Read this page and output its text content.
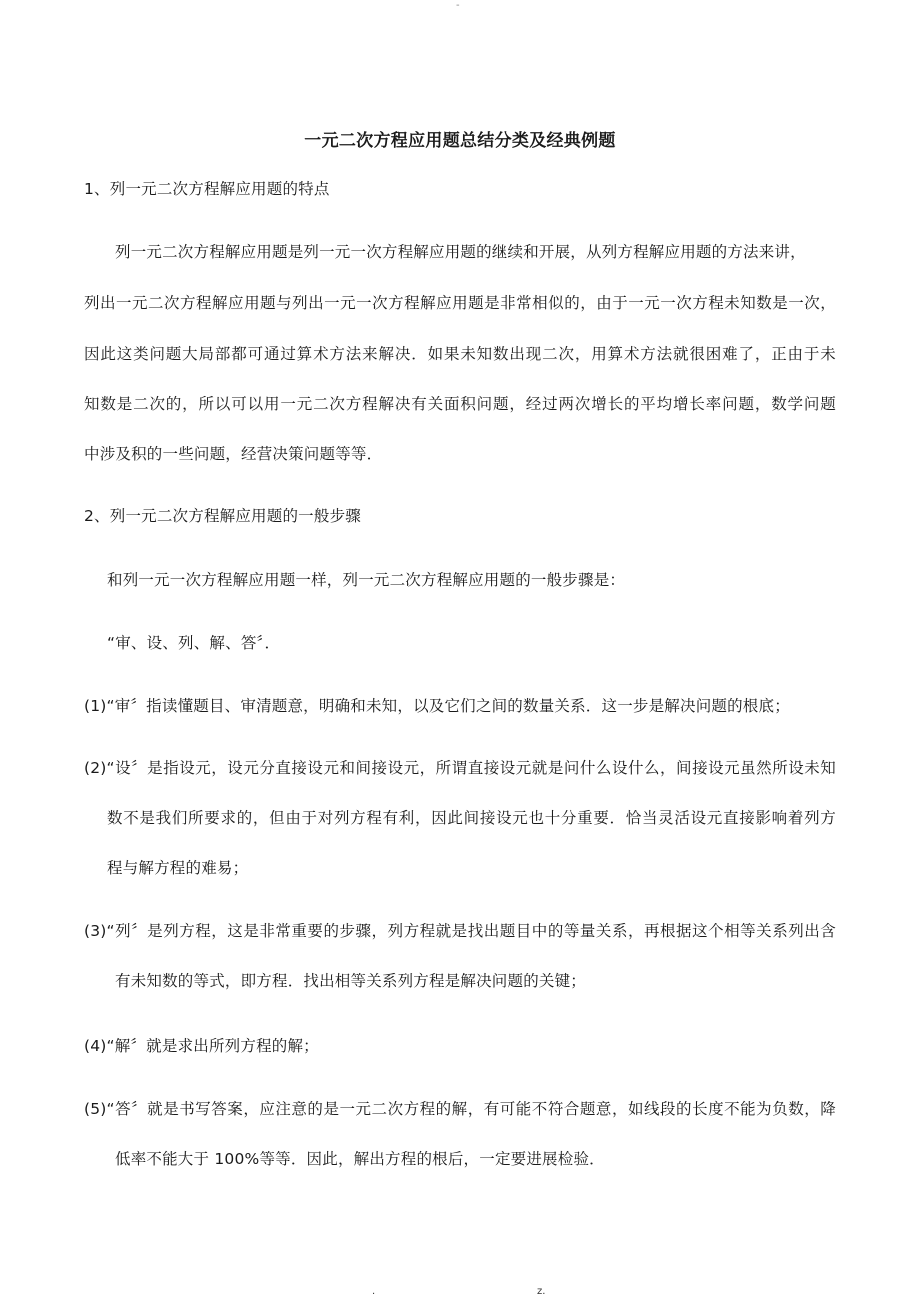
-
一元二次方程应用题总结分类及经典例题
1、列一元二次方程解应用题的特点
列一元二次方程解应用题是列一元一次方程解应用题的继续和开展，从列方程解应用题的方法来讲，
列出一元二次方程解应用题与列出一元一次方程解应用题是非常相似的，由于一元一次方程未知数是一次，
因此这类问题大局部都可通过算术方法来解决．如果未知数出现二次，用算术方法就很困难了，正由于未
知数是二次的，所以可以用一元二次方程解决有关面积问题，经过两次增长的平均增长率问题，数学问题
中涉及积的一些问题，经营决策问题等等．
2、列一元二次方程解应用题的一般步骤
和列一元一次方程解应用题一样，列一元二次方程解应用题的一般步骤是：
“审、设、列、解、答〞．
(1)“审〞指读懂题目、审清题意，明确和未知，以及它们之间的数量关系．这一步是解决问题的根底；
(2)“设〞是指设元，设元分直接设元和间接设元，所谓直接设元就是问什么设什么，间接设元虽然所设未知
数不是我们所要求的，但由于对列方程有利，因此间接设元也十分重要．恰当灵活设元直接影响着列方
程与解方程的难易；
(3)“列〞是列方程，这是非常重要的步骤，列方程就是找出题目中的等量关系，再根据这个相等关系列出含
有未知数的等式，即方程．找出相等关系列方程是解决问题的关键；
(4)“解〞就是求出所列方程的解；
(5)“答〞就是书写答案，应注意的是一元二次方程的解，有可能不符合题意，如线段的长度不能为负数，降
低率不能大于 100%等等．因此，解出方程的根后，一定要进展检验．
.	z.
